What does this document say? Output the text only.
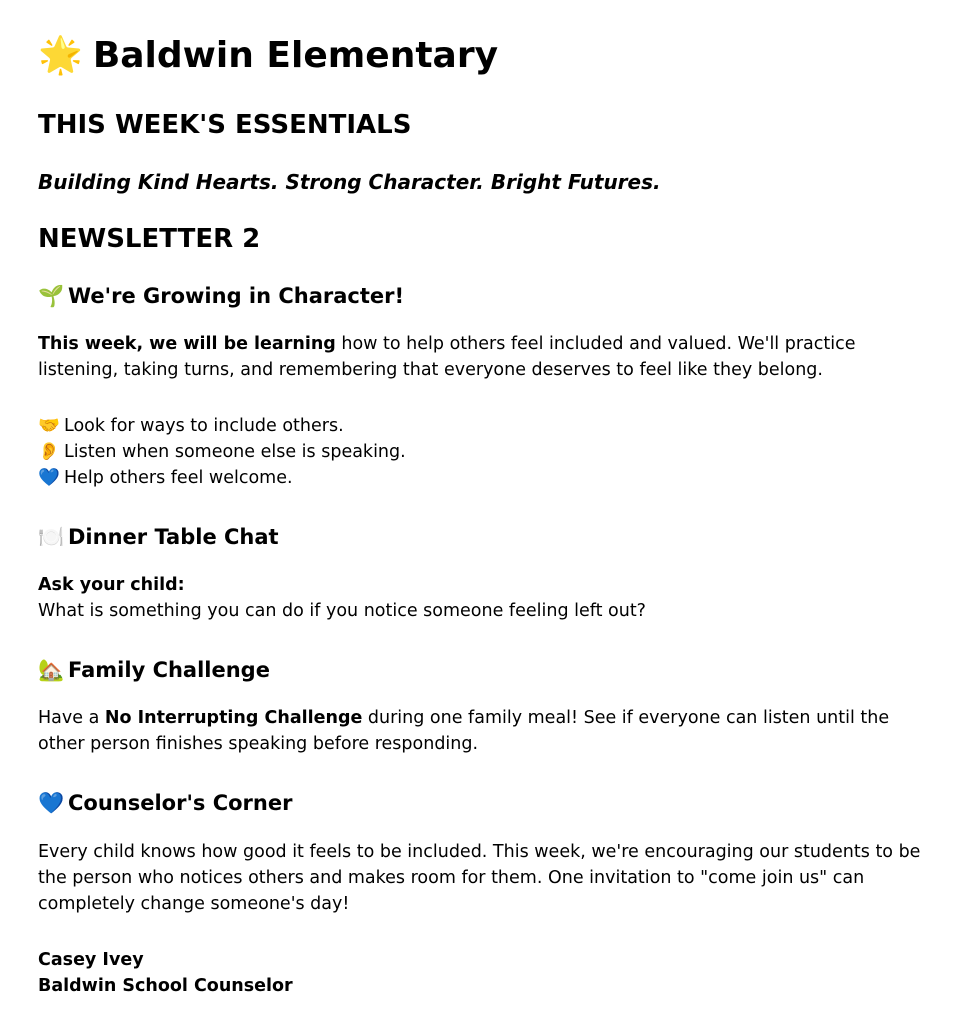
🌟 Baldwin Elementary
THIS WEEK'S ESSENTIALS
Building Kind Hearts. Strong Character. Bright Futures.
NEWSLETTER 2
🌱 We're Growing in Character!

This week, we will be learning how to help others feel included and valued. We'll practice listening, taking turns, and remembering that everyone deserves to feel like they belong.

🤝 Look for ways to include others.
👂 Listen when someone else is speaking.
💙 Help others feel welcome.
🍽️ Dinner Table Chat

Ask your child:
What is something you can do if you notice someone feeling left out?

🏡 Family Challenge

Have a No Interrupting Challenge during one family meal! See if everyone can listen until the other person finishes speaking before responding.

💙 Counselor's Corner

Every child knows how good it feels to be included. This week, we're encouraging our students to be the person who notices others and makes room for them. One invitation to "come join us" can completely change someone's day!

Casey Ivey
Baldwin School Counselor
